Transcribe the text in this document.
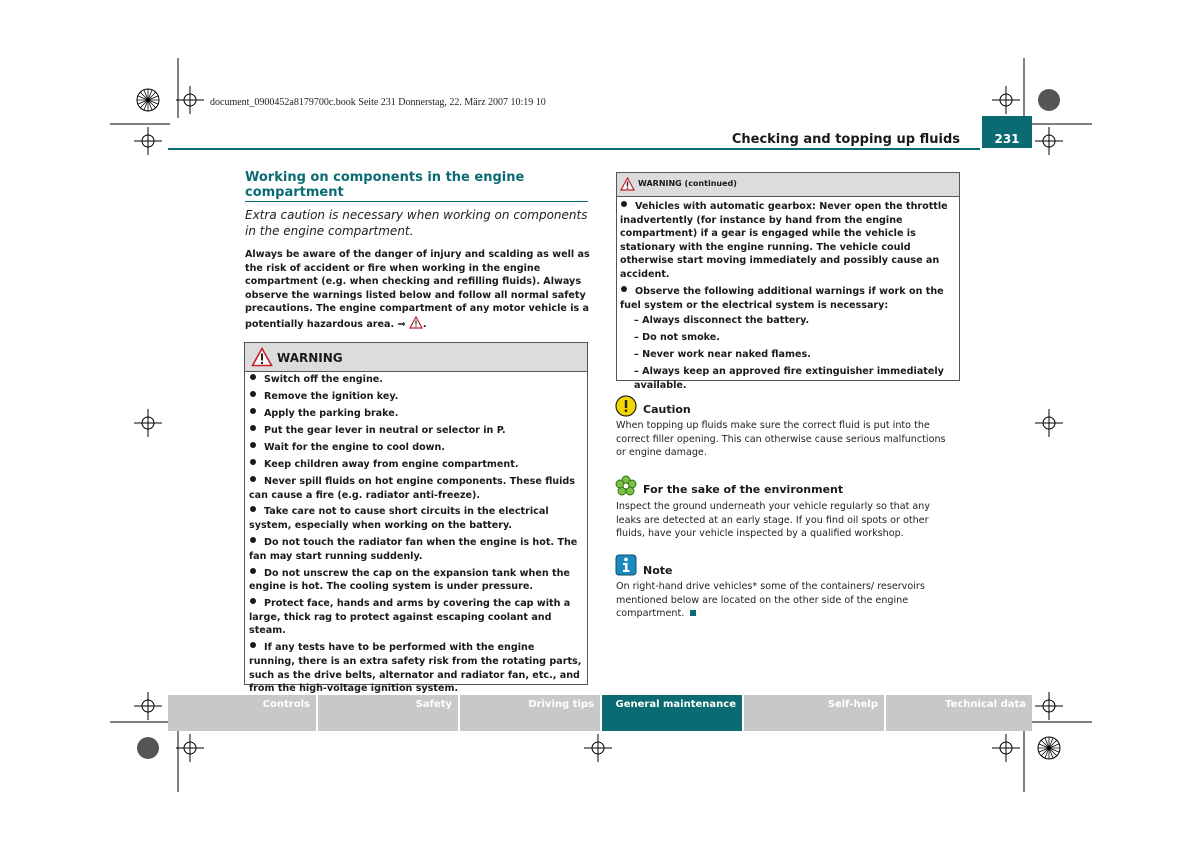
document_0900452a8179700c.book Seite 231 Donnerstag, 22. März 2007 10:19 10
Checking and topping up fluids	231
Working on components in the engine compartment
Extra caution is necessary when working on components in the engine compartment.
Always be aware of the danger of injury and scalding as well as the risk of accident or fire when working in the engine compartment (e.g. when checking and refilling fluids). Always observe the warnings listed below and follow all normal safety precautions. The engine compartment of any motor vehicle is a potentially hazardous area. ⇒ .
WARNING
Switch off the engine.
Remove the ignition key.
Apply the parking brake.
Put the gear lever in neutral or selector in P.
Wait for the engine to cool down.
Keep children away from engine compartment.
Never spill fluids on hot engine components. These fluids can cause a fire (e.g. radiator anti-freeze).
Take care not to cause short circuits in the electrical system, especially when working on the battery.
Do not touch the radiator fan when the engine is hot. The fan may start running suddenly.
Do not unscrew the cap on the expansion tank when the engine is hot. The cooling system is under pressure.
Protect face, hands and arms by covering the cap with a large, thick rag to protect against escaping coolant and steam.
If any tests have to be performed with the engine running, there is an extra safety risk from the rotating parts, such as the drive belts, alternator and radiator fan, etc., and from the high-voltage ignition system.
WARNING (continued)
Vehicles with automatic gearbox: Never open the throttle inadvertently (for instance by hand from the engine compartment) if a gear is engaged while the vehicle is stationary with the engine running. The vehicle could otherwise start moving immediately and possibly cause an accident.
Observe the following additional warnings if work on the fuel system or the electrical system is necessary:
– Always disconnect the battery.
– Do not smoke.
– Never work near naked flames.
– Always keep an approved fire extinguisher immediately available.
Caution
When topping up fluids make sure the correct fluid is put into the correct filler opening. This can otherwise cause serious malfunctions or engine damage.
For the sake of the environment
Inspect the ground underneath your vehicle regularly so that any leaks are detected at an early stage. If you find oil spots or other fluids, have your vehicle inspected by a qualified workshop.
Note
On right-hand drive vehicles* some of the containers/ reservoirs mentioned below are located on the other side of the engine compartment.
Controls	Safety	Driving tips	General maintenance	Self-help	Technical data
